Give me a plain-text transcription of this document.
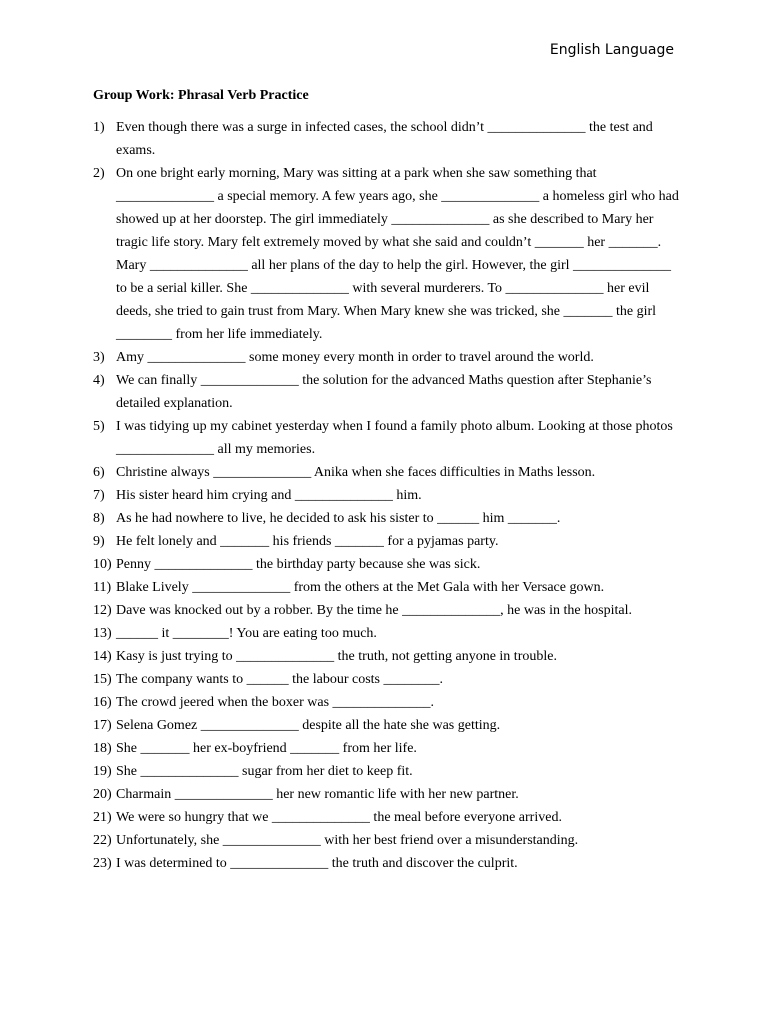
English Language
Group Work: Phrasal Verb Practice
1) Even though there was a surge in infected cases, the school didn’t ______________ the test and exams.
2) On one bright early morning, Mary was sitting at a park when she saw something that ______________ a special memory. A few years ago, she ______________ a homeless girl who had showed up at her doorstep. The girl immediately ______________ as she described to Mary her tragic life story. Mary felt extremely moved by what she said and couldn’t _______ her _______. Mary ______________ all her plans of the day to help the girl. However, the girl ______________ to be a serial killer. She ______________ with several murderers. To ______________ her evil deeds, she tried to gain trust from Mary. When Mary knew she was tricked, she _______ the girl ________ from her life immediately.
3) Amy ______________ some money every month in order to travel around the world.
4) We can finally ______________ the solution for the advanced Maths question after Stephanie’s detailed explanation.
5) I was tidying up my cabinet yesterday when I found a family photo album. Looking at those photos ______________ all my memories.
6) Christine always ______________ Anika when she faces difficulties in Maths lesson.
7) His sister heard him crying and ______________ him.
8) As he had nowhere to live, he decided to ask his sister to ______ him _______.
9) He felt lonely and _______ his friends _______ for a pyjamas party.
10) Penny ______________ the birthday party because she was sick.
11) Blake Lively ______________ from the others at the Met Gala with her Versace gown.
12) Dave was knocked out by a robber. By the time he ______________, he was in the hospital.
13) ______ it ________! You are eating too much.
14) Kasy is just trying to ______________ the truth, not getting anyone in trouble.
15) The company wants to ______ the labour costs ________.
16) The crowd jeered when the boxer was ______________.
17) Selena Gomez ______________ despite all the hate she was getting.
18) She _______ her ex-boyfriend _______ from her life.
19) She ______________ sugar from her diet to keep fit.
20) Charmain ______________ her new romantic life with her new partner.
21) We were so hungry that we ______________ the meal before everyone arrived.
22) Unfortunately, she ______________ with her best friend over a misunderstanding.
23) I was determined to ______________ the truth and discover the culprit.
